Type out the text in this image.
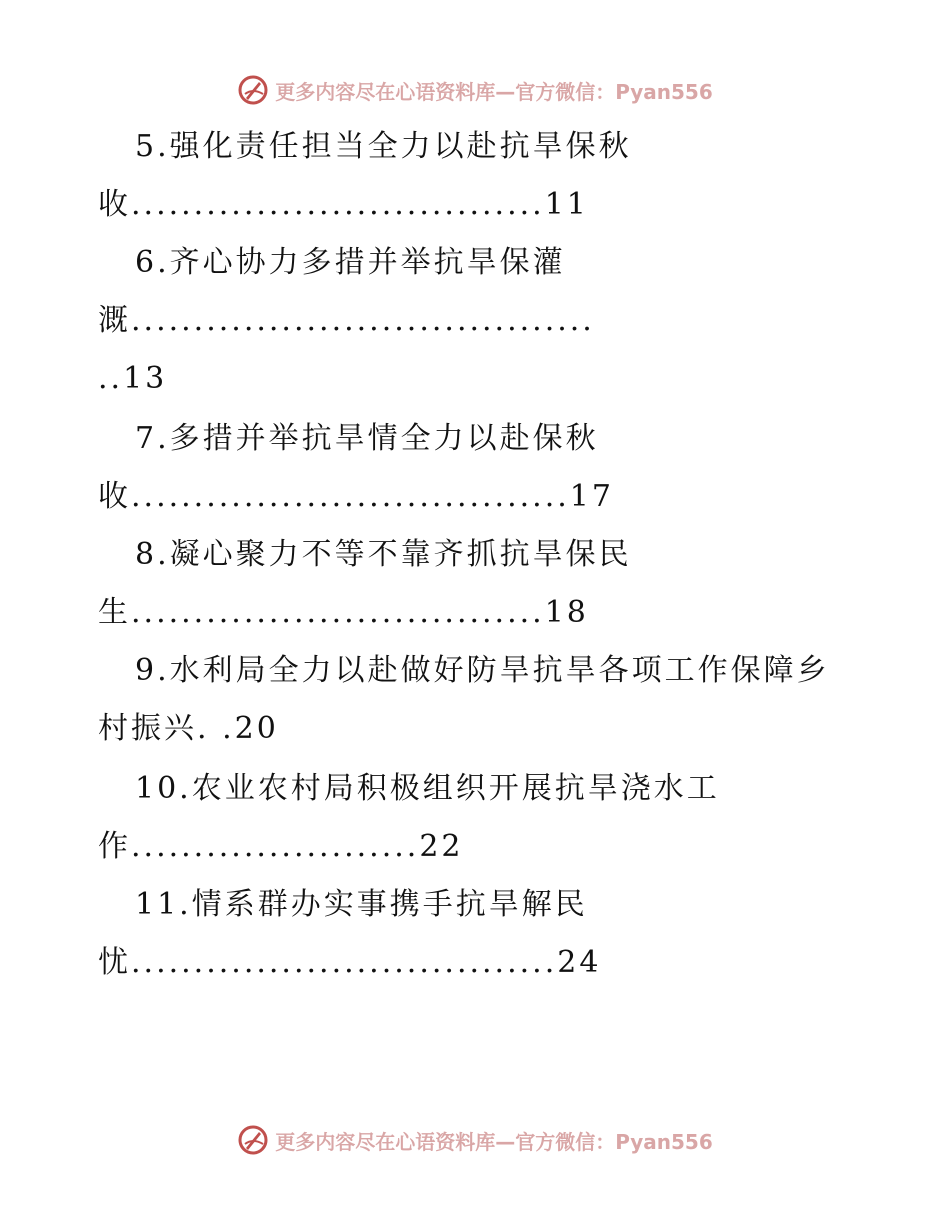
更多内容尽在心语资料库—官方微信：Pyan556
5.强化责任担当全力以赴抗旱保秋
收.................................11
6.齐心协力多措并举抗旱保灌
溉.....................................
..13
7.多措并举抗旱情全力以赴保秋
收...................................17
8.凝心聚力不等不靠齐抓抗旱保民
生.................................18
9.水利局全力以赴做好防旱抗旱各项工作保障乡
村振兴. .20
10.农业农村局积极组织开展抗旱浇水工
作.......................22
11.情系群办实事携手抗旱解民
忧..................................24
更多内容尽在心语资料库—官方微信：Pyan556
